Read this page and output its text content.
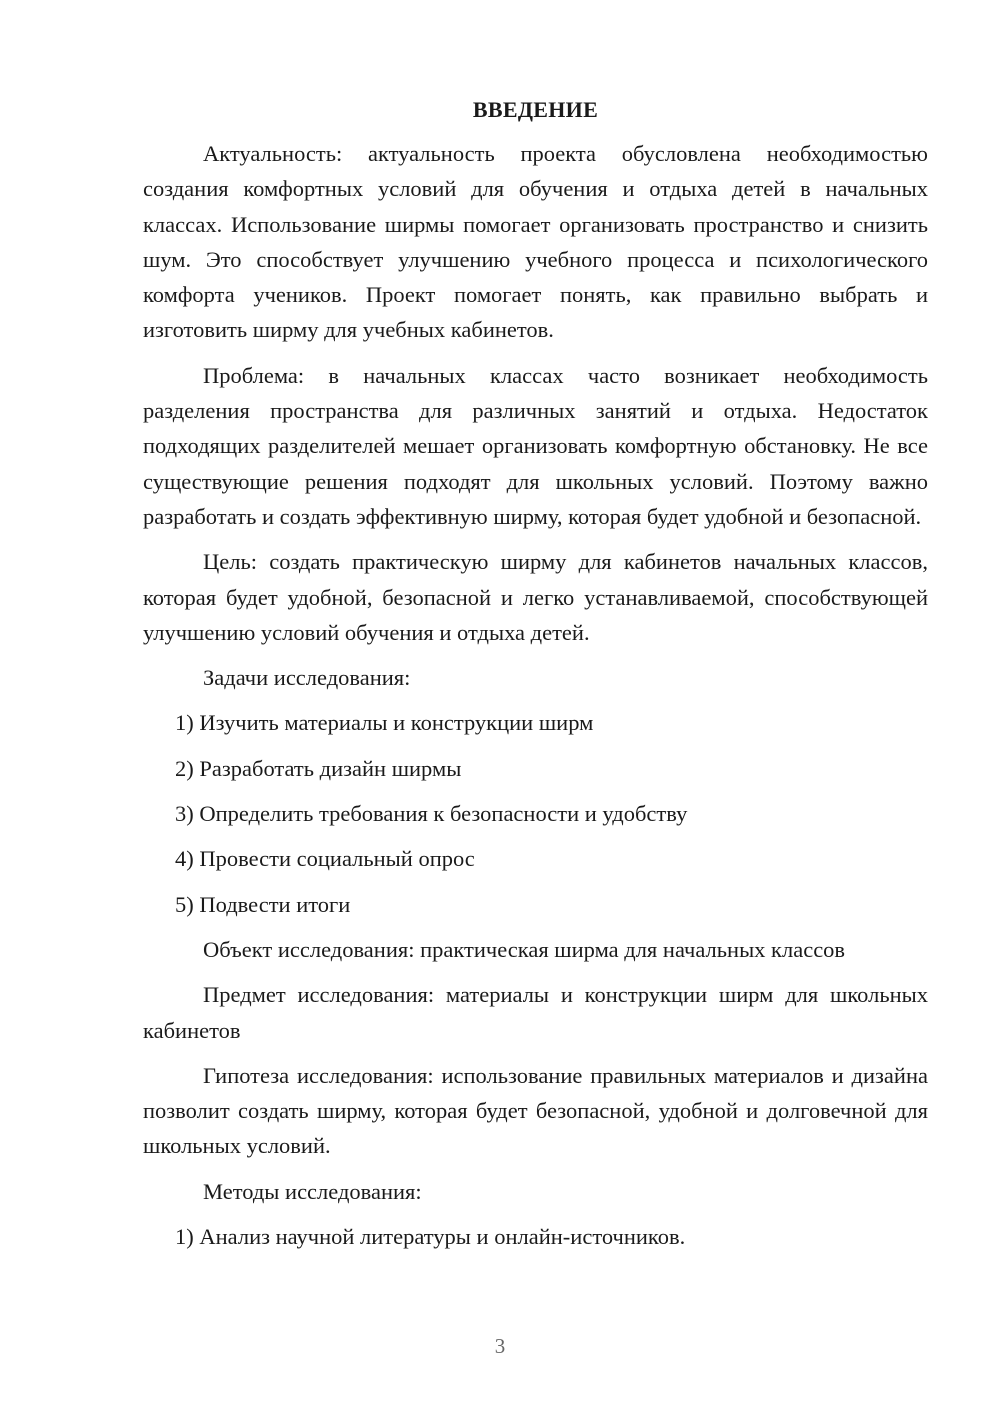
ВВЕДЕНИЕ

Актуальность: актуальность проекта обусловлена необходимостью создания комфортных условий для обучения и отдыха детей в начальных классах. Использование ширмы помогает организовать пространство и снизить шум. Это способствует улучшению учебного процесса и психологического комфорта учеников. Проект помогает понять, как правильно выбрать и изготовить ширму для учебных кабинетов.

Проблема: в начальных классах часто возникает необходимость разделения пространства для различных занятий и отдыха. Недостаток подходящих разделителей мешает организовать комфортную обстановку. Не все существующие решения подходят для школьных условий. Поэтому важно разработать и создать эффективную ширму, которая будет удобной и безопасной.

Цель: создать практическую ширму для кабинетов начальных классов, которая будет удобной, безопасной и легко устанавливаемой, способствующей улучшению условий обучения и отдыха детей.

Задачи исследования:
1) Изучить материалы и конструкции ширм
2) Разработать дизайн ширмы
3) Определить требования к безопасности и удобству
4) Провести социальный опрос
5) Подвести итоги
Объект исследования: практическая ширма для начальных классов

Предмет исследования: материалы и конструкции ширм для школьных кабинетов

Гипотеза исследования: использование правильных материалов и дизайна позволит создать ширму, которая будет безопасной, удобной и долговечной для школьных условий.

Методы исследования:
1) Анализ научной литературы и онлайн-источников.
3
